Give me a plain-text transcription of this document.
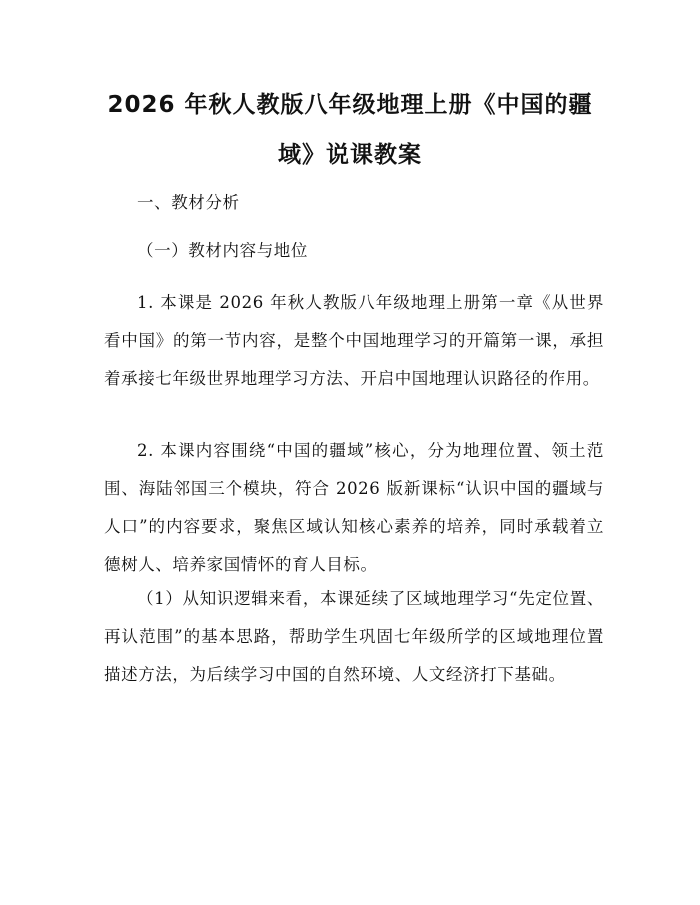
2026 年秋人教版八年级地理上册《中国的疆域》说课教案

一、教材分析

（一）教材内容与地位

1. 本课是 2026 年秋人教版八年级地理上册第一章《从世界看中国》的第一节内容，是整个中国地理学习的开篇第一课，承担着承接七年级世界地理学习方法、开启中国地理认识路径的作用。

2. 本课内容围绕“中国的疆域”核心，分为地理位置、领土范围、海陆邻国三个模块，符合 2026 版新课标“认识中国的疆域与人口”的内容要求，聚焦区域认知核心素养的培养，同时承载着立德树人、培养家国情怀的育人目标。

（1）从知识逻辑来看，本课延续了区域地理学习“先定位置、再认范围”的基本思路，帮助学生巩固七年级所学的区域地理位置描述方法，为后续学习中国的自然环境、人文经济打下基础。
